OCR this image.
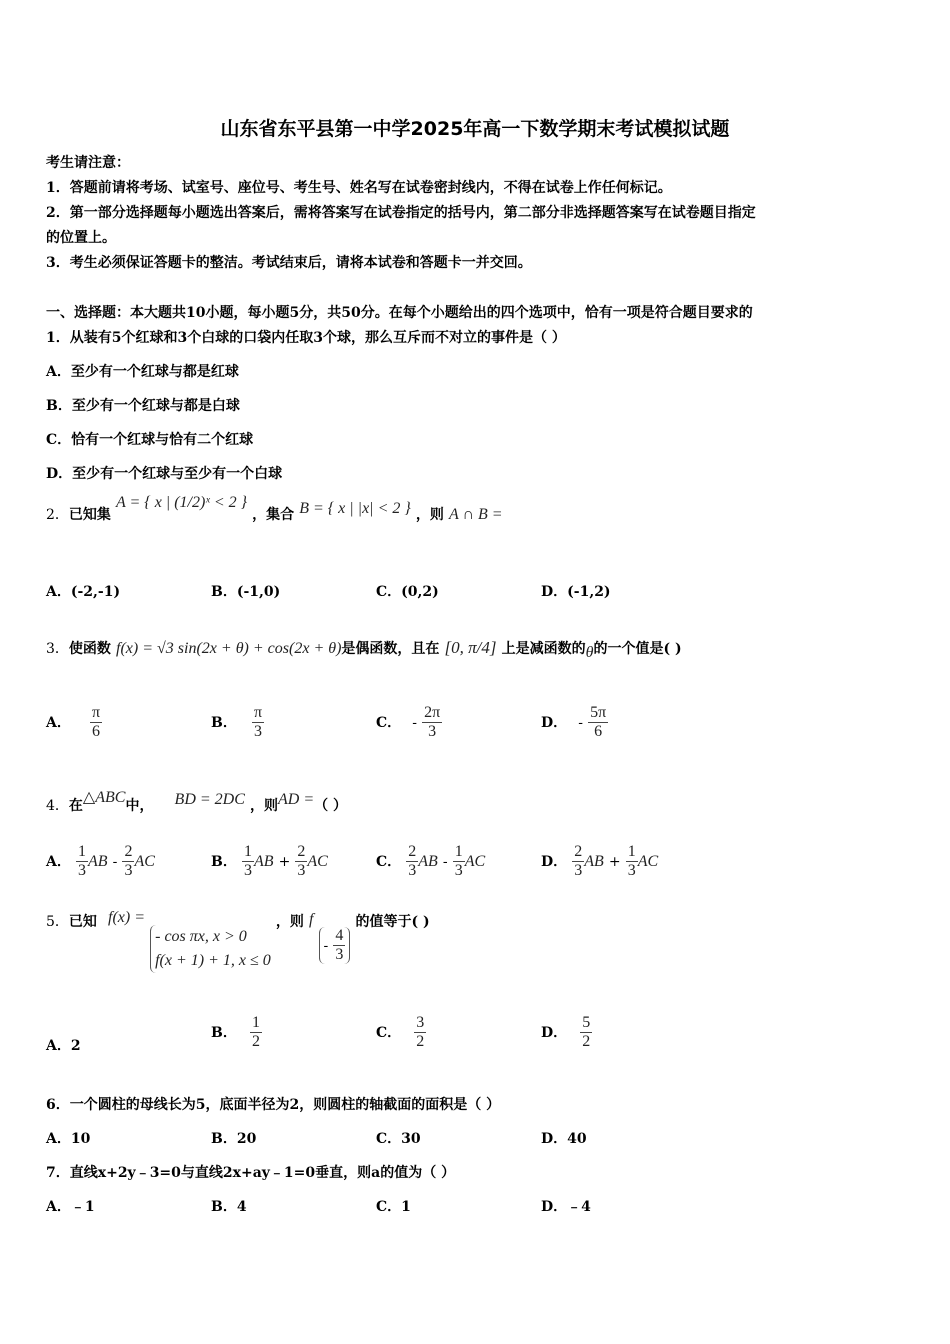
山东省东平县第一中学2025年高一下数学期末考试模拟试题
考生请注意：
1．答题前请将考场、试室号、座位号、考生号、姓名写在试卷密封线内，不得在试卷上作任何标记。
2．第一部分选择题每小题选出答案后，需将答案写在试卷指定的括号内，第二部分非选择题答案写在试卷题目指定
的位置上。
3．考生必须保证答题卡的整洁。考试结束后，请将本试卷和答题卡一并交回。
一、选择题：本大题共10小题，每小题5分，共50分。在每个小题给出的四个选项中，恰有一项是符合题目要求的
1．从装有5个红球和3个白球的口袋内任取3个球，那么互斥而不对立的事件是（ ）
A．至少有一个红球与都是红球
B．至少有一个红球与都是白球
C．恰有一个红球与恰有二个红球
D．至少有一个红球与至少有一个白球
2．已知集 A = { x | (1/2)ˣ < 2 } ，集合 B = { x | |x| < 2 } ，则 A ∩ B =
A．(-2,-1)	B．(-1,0)	C．(0,2)	D．(-1,2)
3．使函数 f(x) = √3 sin(2x + θ) + cos(2x + θ)是偶函数，且在 [0, π/4] 上是减函数的θ的一个值是( )
A． $\frac{\pi}{6}$	B． $\frac{\pi}{3}$	C． - $\frac{2\pi}{3}$	D． - $\frac{5\pi}{6}$
4．在△ABC中， BD = 2DC ，则AD =（ ）
A． $\frac{1}{3}$ AB - $\frac{2}{3}$ AC	B． $\frac{1}{3}$ AB + $\frac{2}{3}$ AC	C． $\frac{2}{3}$ AB - $\frac{1}{3}$ AC	D． $\frac{2}{3}$ AB + $\frac{1}{3}$ AC
5．已知 f(x) =
- cos πx, x > 0
f(x + 1) + 1, x ≤ 0
，则 f - $\frac{4}{3}$
的值等于( )
A．2
B． $\frac{1}{2}$	C． $\frac{3}{2}$	D． $\frac{5}{2}$
6．一个圆柱的母线长为5，底面半径为2，则圆柱的轴截面的面积是（ ）
A．10	B．20	C．30	D．40
7．直线x+2y﹣3=0与直线2x+ay﹣1=0垂直，则a的值为（ ）
A．﹣1	B．4	C．1	D．﹣4
